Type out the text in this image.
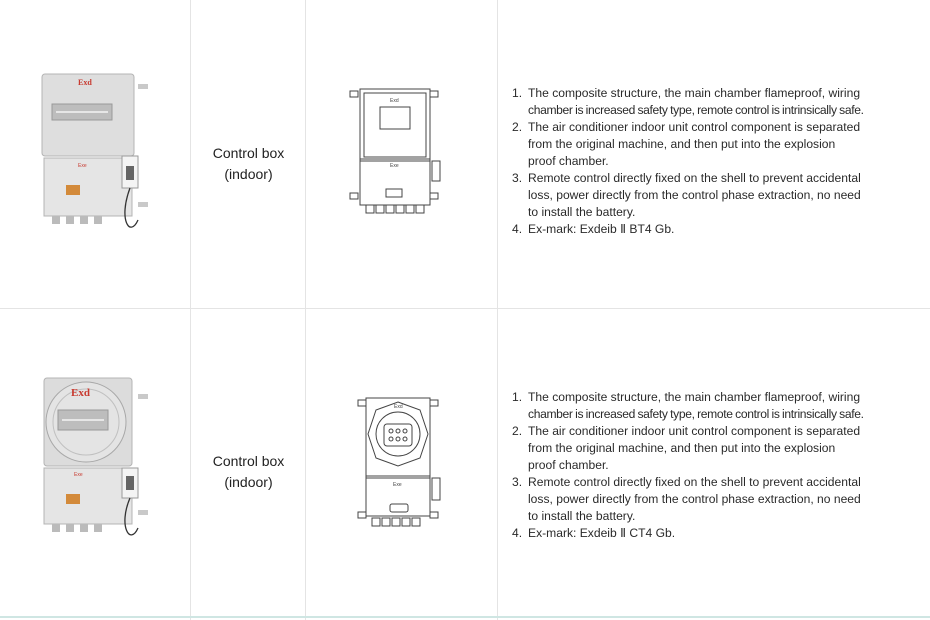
Exd
Exe
Control box
(indoor)
Exd
Exe
1. The composite structure, the main chamber flameproof, wiring
chamber is increased safety type, remote control is intrinsically safe.
2. The air conditioner indoor unit control component is separated
from the original machine, and then put into the explosion
proof chamber.
3. Remote control directly fixed on the shell to prevent accidental
loss, power directly from the control phase extraction, no need
to install the battery.
4. Ex-mark: Exdeib Ⅱ BT4 Gb.
Exd
Exe
Control box
(indoor)
Exd
Exe
1. The composite structure, the main chamber flameproof, wiring
chamber is increased safety type, remote control is intrinsically safe.
2. The air conditioner indoor unit control component is separated
from the original machine, and then put into the explosion
proof chamber.
3. Remote control directly fixed on the shell to prevent accidental
loss, power directly from the control phase extraction, no need
to install the battery.
4. Ex-mark: Exdeib Ⅱ CT4 Gb.
